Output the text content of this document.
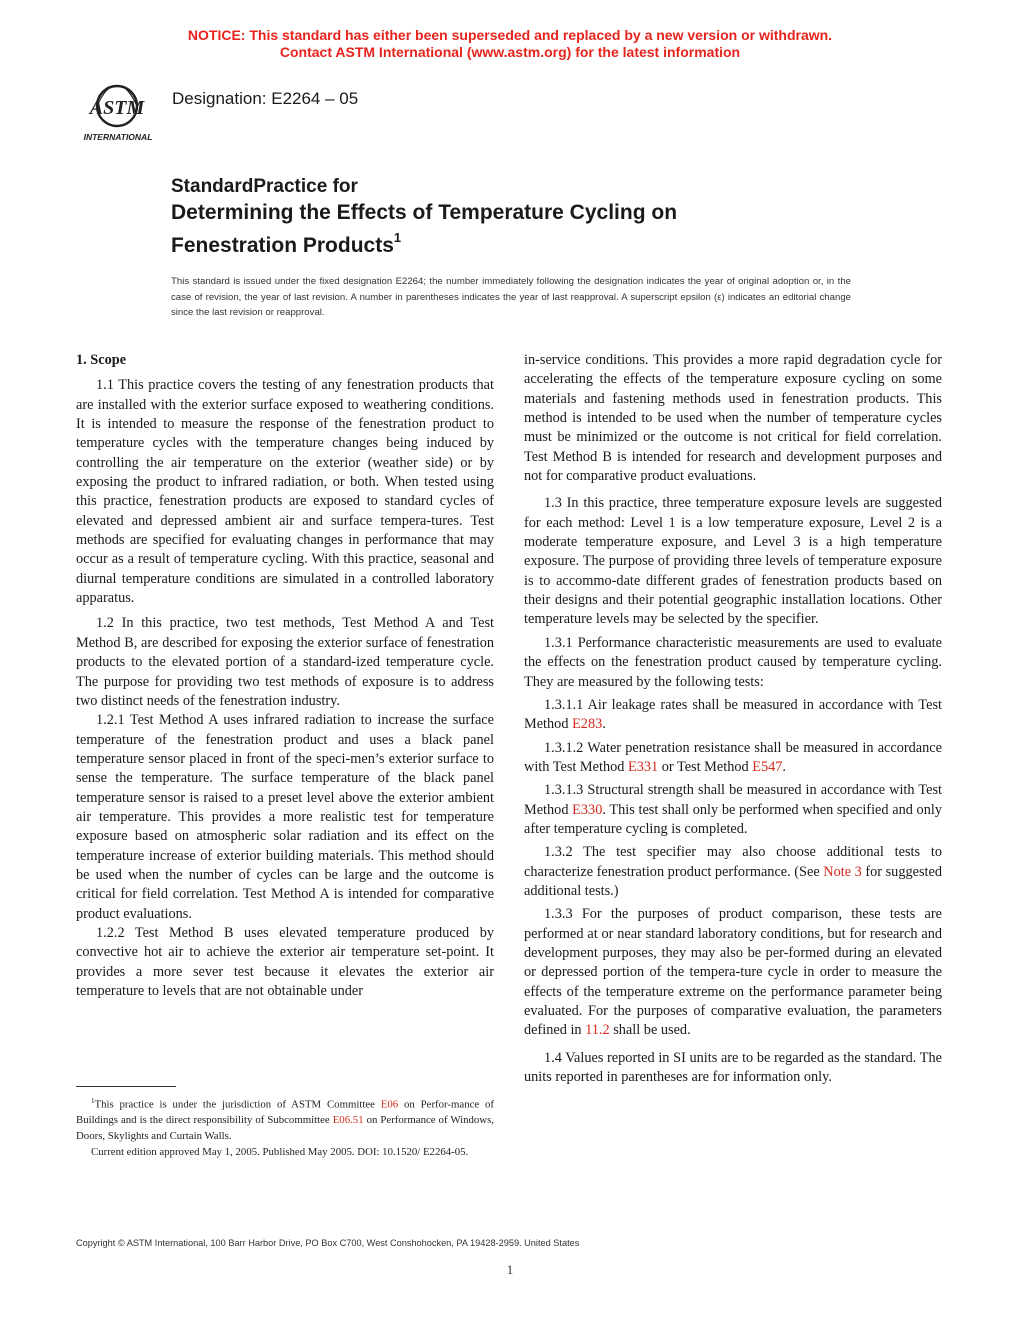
NOTICE: This standard has either been superseded and replaced by a new version or withdrawn.
Contact ASTM International (www.astm.org) for the latest information
ASTM
INTERNATIONAL
Designation: E2264 – 05
StandardPractice for
Determining the Effects of Temperature Cycling on
Fenestration Products$^1$
This standard is issued under the fixed designation E2264; the number immediately following the designation indicates the year of original adoption or, in the case of revision, the year of last revision. A number in parentheses indicates the year of last reapproval. A superscript epsilon (ε) indicates an editorial change since the last revision or reapproval.
1. Scope

1.1 This practice covers the testing of any fenestration products that are installed with the exterior surface exposed to weathering conditions. It is intended to measure the response of the fenestration product to temperature cycles with the temperature changes being induced by controlling the air temperature on the exterior (weather side) or by exposing the product to infrared radiation, or both. When tested using this practice, fenestration products are exposed to standard cycles of elevated and depressed ambient air and surface tempera-tures. Test methods are specified for evaluating changes in performance that may occur as a result of temperature cycling. With this practice, seasonal and diurnal temperature conditions are simulated in a controlled laboratory apparatus.

1.2 In this practice, two test methods, Test Method A and Test Method B, are described for exposing the exterior surface of fenestration products to the elevated portion of a standard-ized temperature cycle. The purpose for providing two test methods of exposure is to address two distinct needs of the fenestration industry.

1.2.1 Test Method A uses infrared radiation to increase the surface temperature of the fenestration product and uses a black panel temperature sensor placed in front of the speci-men’s exterior surface to sense the temperature. The surface temperature of the black panel temperature sensor is raised to a preset level above the exterior ambient air temperature. This provides a more realistic test for temperature exposure based on atmospheric solar radiation and its effect on the temperature increase of exterior building materials. This method should be used when the number of cycles can be large and the outcome is critical for field correlation. Test Method A is intended for comparative product evaluations.

1.2.2 Test Method B uses elevated temperature produced by convective hot air to achieve the exterior air temperature set-point. It provides a more sever test because it elevates the exterior air temperature to levels that are not obtainable under

in-service conditions. This provides a more rapid degradation cycle for accelerating the effects of the temperature exposure cycling on some materials and fastening methods used in fenestration products. This method is intended to be used when the number of temperature cycles must be minimized or the outcome is not critical for field correlation. Test Method B is intended for research and development purposes and not for comparative product evaluations.

1.3 In this practice, three temperature exposure levels are suggested for each method: Level 1 is a low temperature exposure, Level 2 is a moderate temperature exposure, and Level 3 is a high temperature exposure. The purpose of providing three levels of temperature exposure is to accommo-date different grades of fenestration products based on their designs and their potential geographic installation locations. Other temperature levels may be selected by the specifier.

1.3.1 Performance characteristic measurements are used to evaluate the effects on the fenestration product caused by temperature cycling. They are measured by the following tests:

1.3.1.1 Air leakage rates shall be measured in accordance with Test Method E283.

1.3.1.2 Water penetration resistance shall be measured in accordance with Test Method E331 or Test Method E547.

1.3.1.3 Structural strength shall be measured in accordance with Test Method E330. This test shall only be performed when specified and only after temperature cycling is completed.

1.3.2 The test specifier may also choose additional tests to characterize fenestration product performance. (See Note 3 for suggested additional tests.)

1.3.3 For the purposes of product comparison, these tests are performed at or near standard laboratory conditions, but for research and development purposes, they may also be per-formed during an elevated or depressed portion of the tempera-ture cycle in order to measure the effects of the temperature extreme on the performance parameter being evaluated. For the purposes of comparative evaluation, the parameters defined in 11.2 shall be used.

1.4 Values reported in SI units are to be regarded as the standard. The units reported in parentheses are for information only.

$^1$This practice is under the jurisdiction of ASTM Committee E06 on Perfor-mance of Buildings and is the direct responsibility of Subcommittee E06.51 on Performance of Windows, Doors, Skylights and Curtain Walls.

Current edition approved May 1, 2005. Published May 2005. DOI: 10.1520/ E2264-05.

Copyright © ASTM International, 100 Barr Harbor Drive, PO Box C700, West Conshohocken, PA 19428-2959. United States
1
